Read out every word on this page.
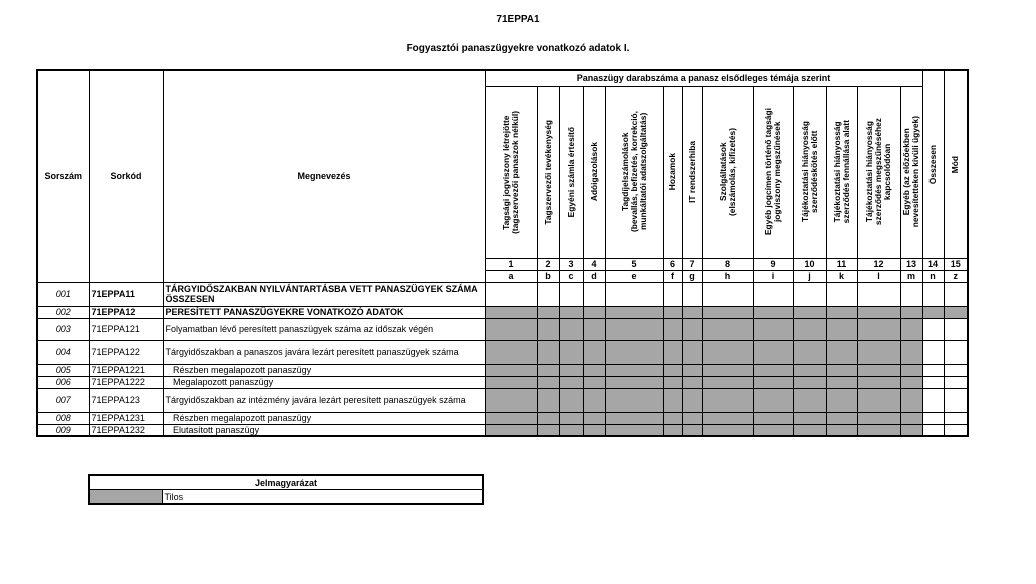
71EPPA1
Fogyasztói panaszügyekre vonatkozó adatok I.
Sorszám	Sorkód	Megnevezés	Panaszügy darabszáma a panasz elsődleges témája szerint													Összesen	Mód

			Tagsági jogviszony létrejötte
(tagszervezői panaszok nélkül)	Tagszervezői tevékenység	Egyéni számla értesítő	Adóigazolások	Tagdíjelszámolások
(bevallás, befizetés, korrekció,
munkáltatói adatszolgáltatás)	Hozamok	IT rendszerhiba	Szolgáltatások
(elszámolás, kifizetés)	Egyéb jogcímen történő tagsági
jogviszony megszűnések	Tájékoztatási hiányosság
szerződéskötés előtt	Tájékoztatási hiányosság
szerződés fennállása alatt	Tájékoztatási hiányosság
szerződés megszűnéséhez
kapcsolódóan	Egyéb (az előzőekben
nevesítetteken kívüli ügyek)		

			1	2	3	4	5	6	7	8	9	10	11	12	13	14	15
			a	b	c	d	e	f	g	h	i	j	k	l	m	n	z
001	71EPPA11	TÁRGYIDŐSZAKBAN NYILVÁNTARTÁSBA VETT PANASZÜGYEK SZÁMA ÖSSZESEN															
002	71EPPA12	PERESÍTETT PANASZÜGYEKRE VONATKOZÓ ADATOK															
003	71EPPA121	Folyamatban lévő peresített panaszügyek száma az időszak végén															
004	71EPPA122	Tárgyidőszakban a panaszos javára lezárt peresített panaszügyek száma															
005	71EPPA1221	Részben megalapozott panaszügy															
006	71EPPA1222	Megalapozott panaszügy															
007	71EPPA123	Tárgyidőszakban az intézmény javára lezárt peresített panaszügyek száma															
008	71EPPA1231	Részben megalapozott panaszügy															
009	71EPPA1232	Elutasított panaszügy															
Jelmagyarázat
	Tilos
